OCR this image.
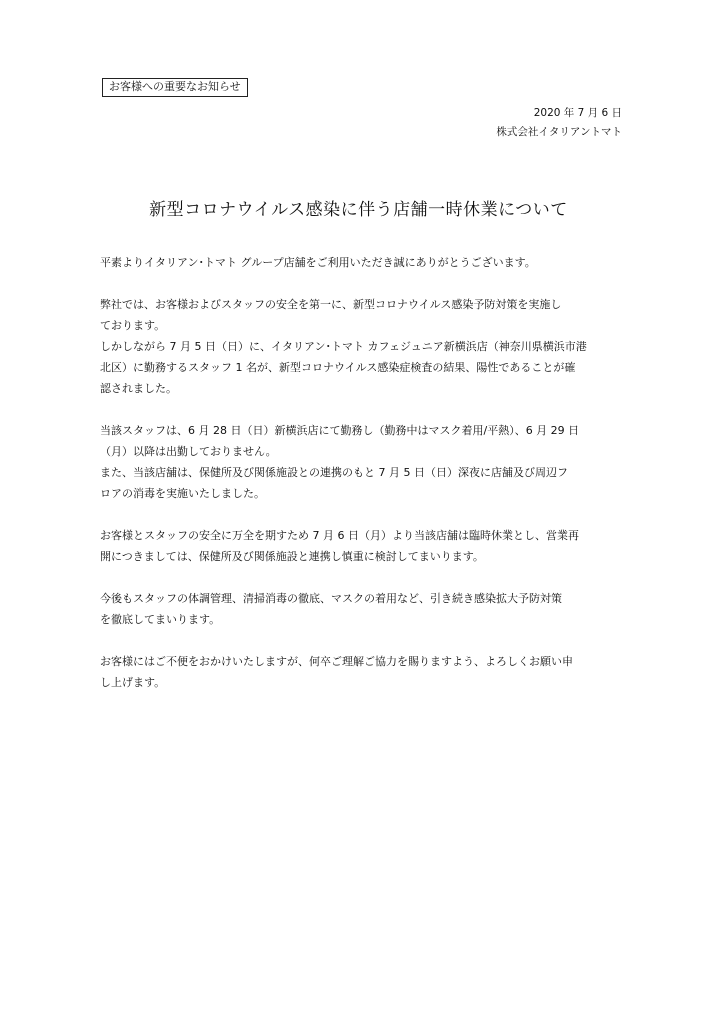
お客様への重要なお知らせ
2020 年 7 月 6 日
株式会社イタリアントマト
新型コロナウイルス感染に伴う店舗一時休業について
平素よりイタリアン･トマト グループ店舗をご利用いただき誠にありがとうございます。
弊社では、お客様およびスタッフの安全を第一に、新型コロナウイルス感染予防対策を実施し
ております。
しかしながら 7 月 5 日（日）に、イタリアン･トマト カフェジュニア新横浜店（神奈川県横浜市港
北区）に勤務するスタッフ 1 名が、新型コロナウイルス感染症検査の結果、陽性であることが確
認されました。
当該スタッフは、6 月 28 日（日）新横浜店にて勤務し（勤務中はマスク着用/平熱）、6 月 29 日
（月）以降は出勤しておりません。
また、当該店舗は、保健所及び関係施設との連携のもと 7 月 5 日（日）深夜に店舗及び周辺フ
ロアの消毒を実施いたしました。
お客様とスタッフの安全に万全を期すため 7 月 6 日（月）より当該店舗は臨時休業とし、営業再
開につきましては、保健所及び関係施設と連携し慎重に検討してまいります。
今後もスタッフの体調管理、清掃消毒の徹底、マスクの着用など、引き続き感染拡大予防対策
を徹底してまいります。
お客様にはご不便をおかけいたしますが、何卒ご理解ご協力を賜りますよう、よろしくお願い申
し上げます。
